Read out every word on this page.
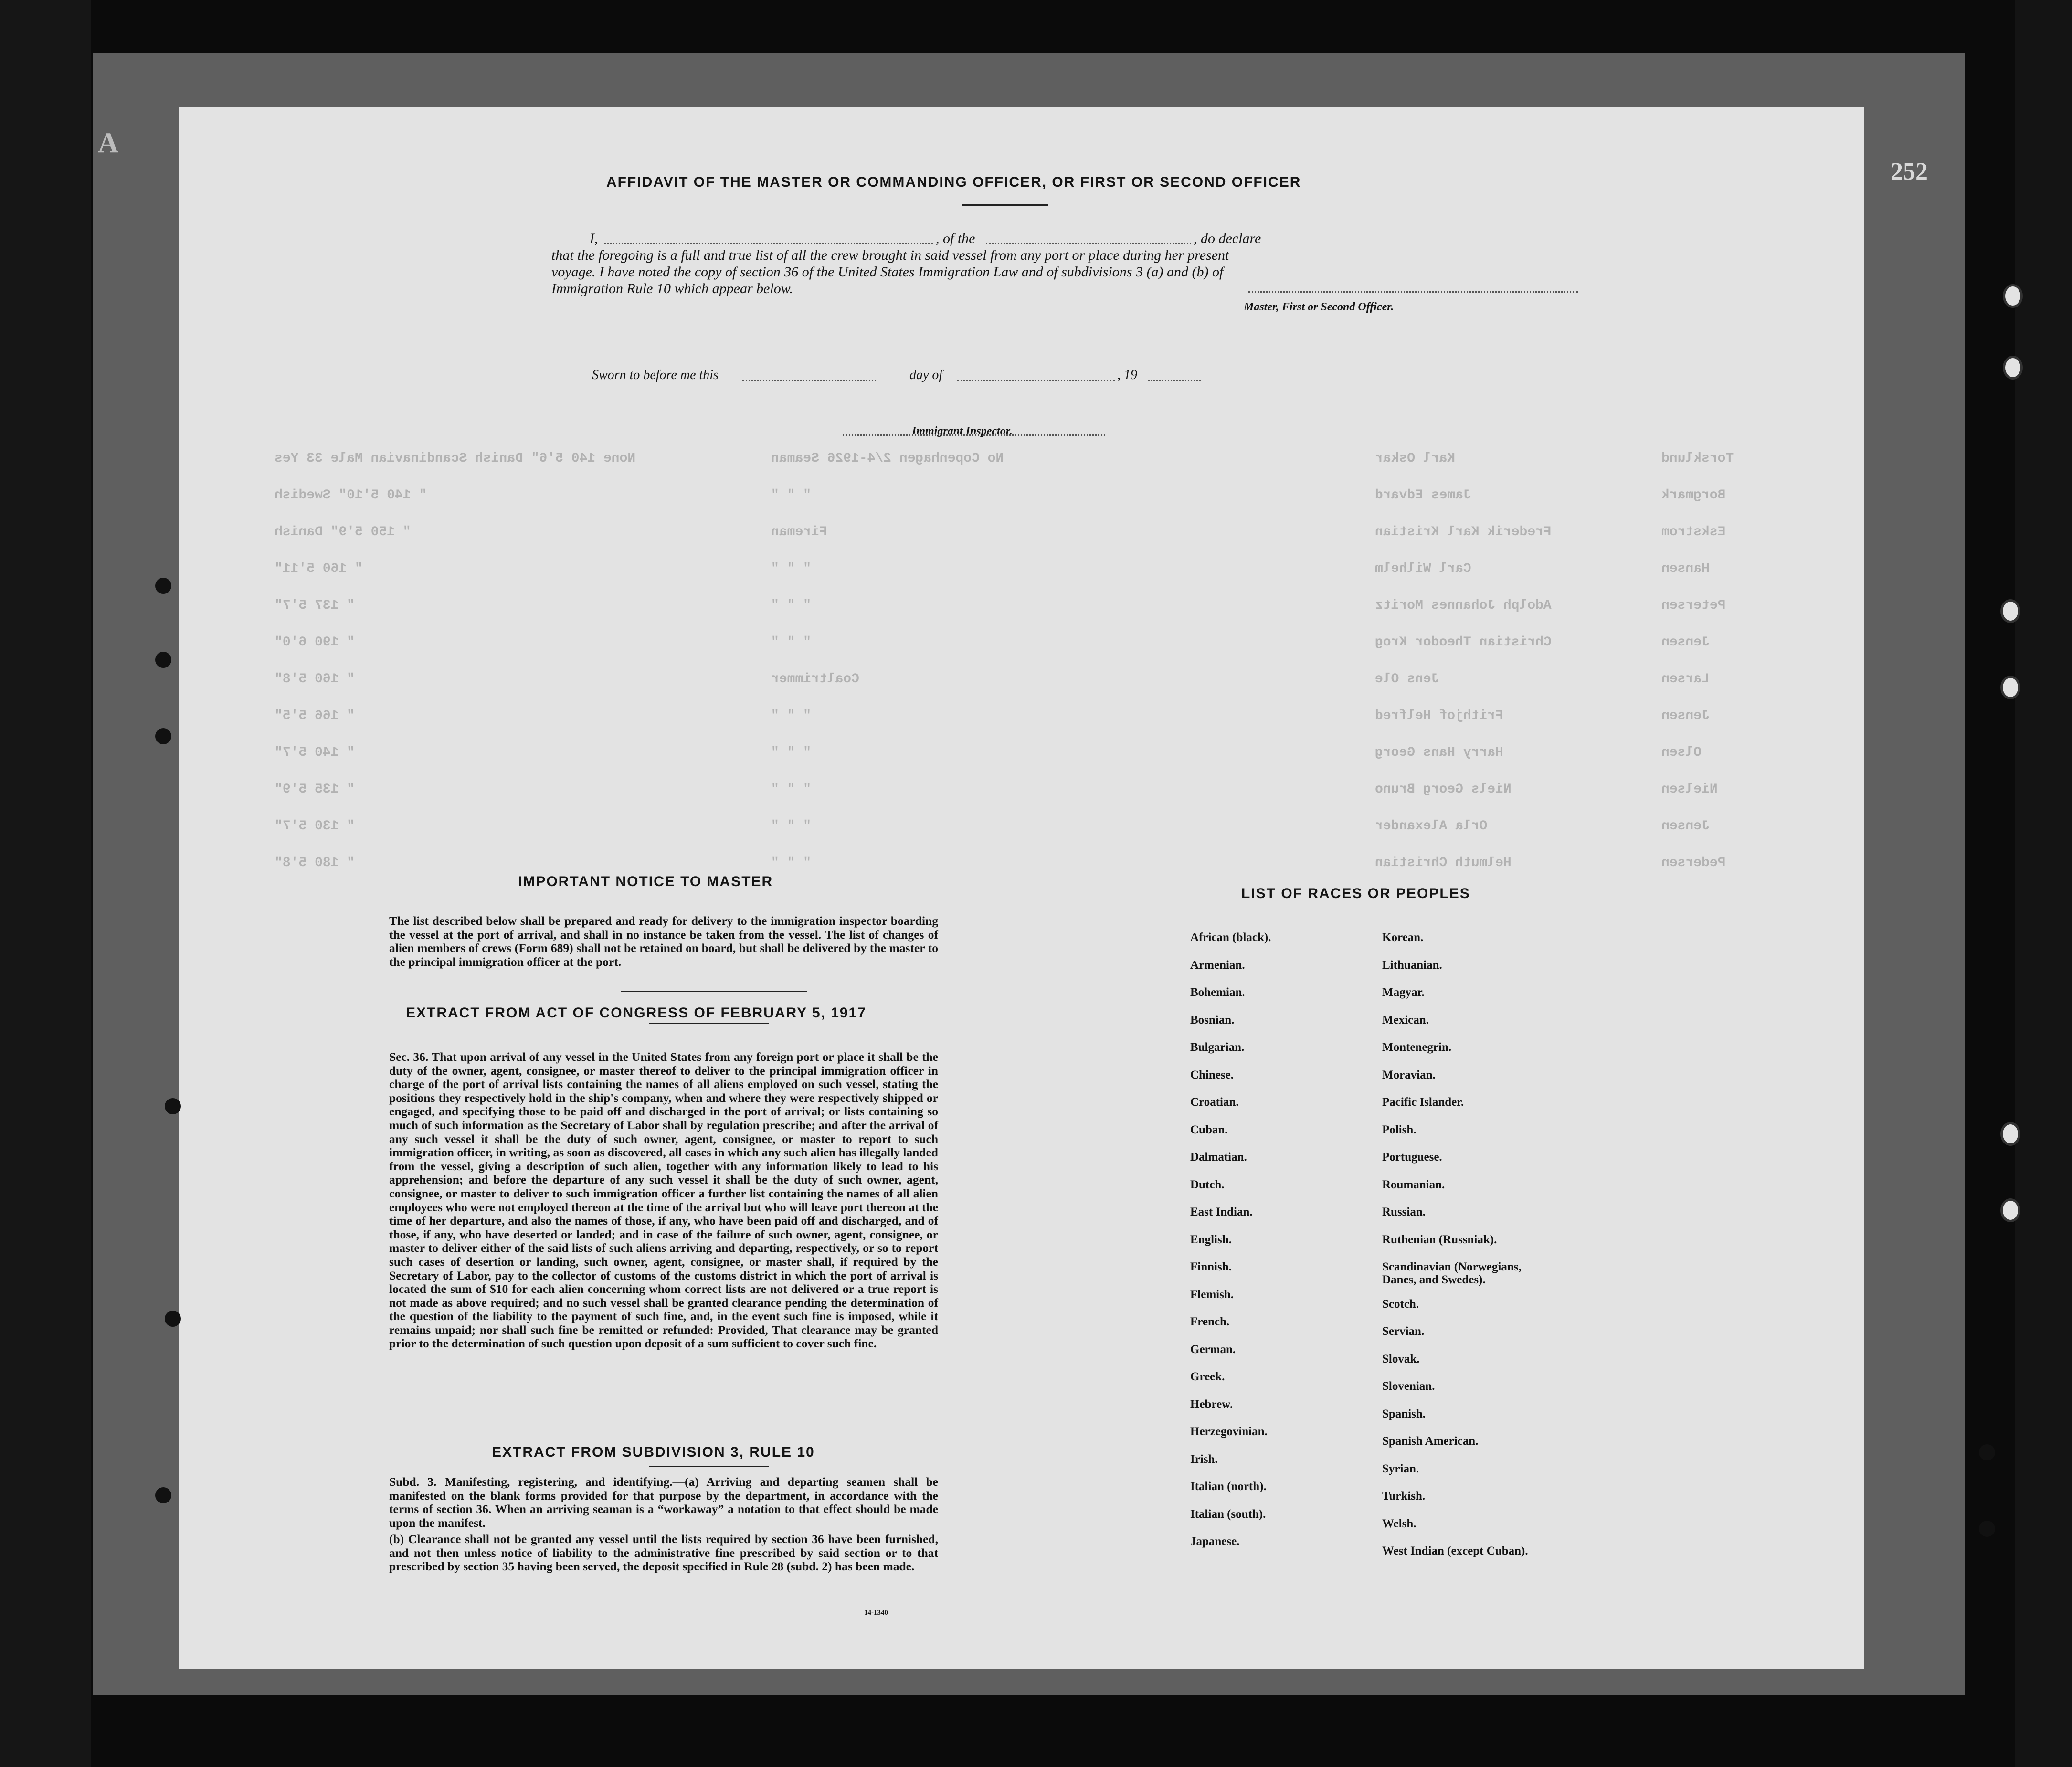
A
None 140 5'6" Danish Scandinavian Male 33 Yes	No Copenhagen 2/4-1926 Seaman	Karl Oskar	Torsklund
" 140 5'10" Swedish	" " "	James Edvard	Borgmark
" 150 5'9" Danish	Fireman	Frederik Karl Kristian	Eskstrom
" 160 5'11"	" " "	Carl Wilhelm	Hansen
" 137 5'7"	" " "	Adolph Johannes Moritz	Petersen
" 190 6'0"	" " "	Christian Theodor Krog	Jensen
" 160 5'8"	Coaltrimmer	Jens Ole	Larsen
" 166 5'5"	" " "	Frithjof Helfred	Jensen
" 140 5'7"	" " "	Harry Hans Georg	Olsen
" 135 5'9"	" " "	Niels Georg Bruno	Nielsen
" 130 5'7"	" " "	Orla Alexander	Jensen
" 180 5'8"	" " "	Helmuth Christian	Pedersen
AFFIDAVIT OF THE MASTER OR COMMANDING OFFICER, OR FIRST OR SECOND OFFICER
I,	, of the	, do declare
that the foregoing is a full and true list of all the crew brought in said vessel from any port or place during her present
voyage. I have noted the copy of section 36 of the United States Immigration Law and of subdivisions 3 (a) and (b) of
Immigration Rule 10 which appear below.
Master, First or Second Officer.
Sworn to before me this	day of	, 19
Immigrant Inspector.
IMPORTANT NOTICE TO MASTER
The list described below shall be prepared and ready for delivery to the immigration inspector boarding the vessel at the port of arrival, and shall in no instance be taken from the vessel. The list of changes of alien members of crews (Form 689) shall not be retained on board, but shall be delivered by the master to the principal immigration officer at the port.
EXTRACT FROM ACT OF CONGRESS OF FEBRUARY 5, 1917
Sec. 36. That upon arrival of any vessel in the United States from any foreign port or place it shall be the duty of the owner, agent, consignee, or master thereof to deliver to the principal immigration officer in charge of the port of arrival lists containing the names of all aliens employed on such vessel, stating the positions they respectively hold in the ship's company, when and where they were respectively shipped or engaged, and specifying those to be paid off and discharged in the port of arrival; or lists containing so much of such information as the Secretary of Labor shall by regulation prescribe; and after the arrival of any such vessel it shall be the duty of such owner, agent, consignee, or master to report to such immigration officer, in writing, as soon as discovered, all cases in which any such alien has illegally landed from the vessel, giving a description of such alien, together with any information likely to lead to his apprehension; and before the departure of any such vessel it shall be the duty of such owner, agent, consignee, or master to deliver to such immigration officer a further list containing the names of all alien employees who were not employed thereon at the time of the arrival but who will leave port thereon at the time of her departure, and also the names of those, if any, who have been paid off and discharged, and of those, if any, who have deserted or landed; and in case of the failure of such owner, agent, consignee, or master to deliver either of the said lists of such aliens arriving and departing, respectively, or so to report such cases of desertion or landing, such owner, agent, consignee, or master shall, if required by the Secretary of Labor, pay to the collector of customs of the customs district in which the port of arrival is located the sum of $10 for each alien concerning whom correct lists are not delivered or a true report is not made as above required; and no such vessel shall be granted clearance pending the determination of the question of the liability to the payment of such fine, and, in the event such fine is imposed, while it remains unpaid; nor shall such fine be remitted or refunded: Provided, That clearance may be granted prior to the determination of such question upon deposit of a sum sufficient to cover such fine.
EXTRACT FROM SUBDIVISION 3, RULE 10
Subd. 3. Manifesting, registering, and identifying.—(a) Arriving and departing seamen shall be manifested on the blank forms provided for that purpose by the department, in accordance with the terms of section 36. When an arriving seaman is a “workaway” a notation to that effect should be made upon the manifest.
(b) Clearance shall not be granted any vessel until the lists required by section 36 have been furnished, and not then unless notice of liability to the administrative fine prescribed by said section or to that prescribed by section 35 having been served, the deposit specified in Rule 28 (subd. 2) has been made.
14-1340
LIST OF RACES OR PEOPLES
African (black).
Armenian.
Bohemian.
Bosnian.
Bulgarian.
Chinese.
Croatian.
Cuban.
Dalmatian.
Dutch.
East Indian.
English.
Finnish.
Flemish.
French.
German.
Greek.
Hebrew.
Herzegovinian.
Irish.
Italian (north).
Italian (south).
Japanese.
Korean.
Lithuanian.
Magyar.
Mexican.
Montenegrin.
Moravian.
Pacific Islander.
Polish.
Portuguese.
Roumanian.
Russian.
Ruthenian (Russniak).
Scandinavian (Norwegians, Danes, and Swedes).
Scotch.
Servian.
Slovak.
Slovenian.
Spanish.
Spanish American.
Syrian.
Turkish.
Welsh.
West Indian (except Cuban).
252
